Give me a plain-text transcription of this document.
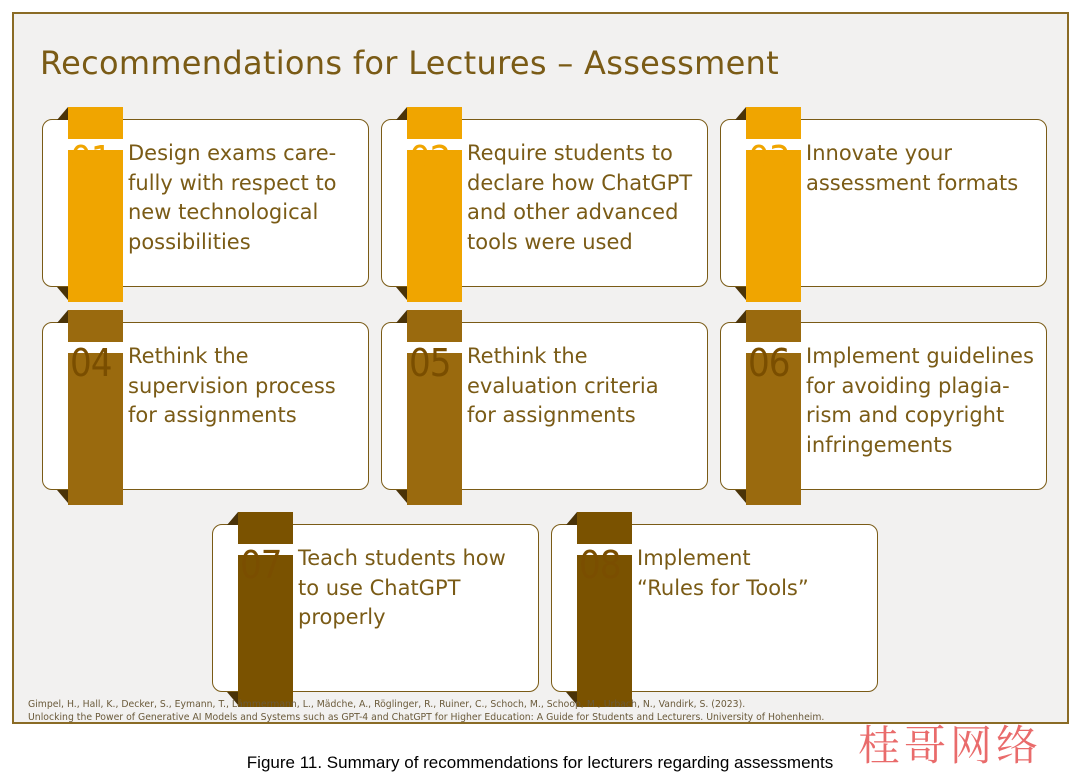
Recommendations for Lectures – Assessment
01 Design exams care-
fully with respect to
new technological
possibilities
02 Require students to
declare how ChatGPT
and other advanced
tools were used
03 Innovate your
assessment formats
04 Rethink the
supervision process
for assignments
05 Rethink the
evaluation criteria
for assignments
06 Implement guidelines
for avoiding plagia-
rism and copyright
infringements
07 Teach students how
to use ChatGPT
properly
08 Implement
“Rules for Tools”
Gimpel, H., Hall, K., Decker, S., Eymann, T., Lämmermann, L., Mädche, A., Röglinger, R., Ruiner, C., Schoch, M., Schoop, M., Urbach, N., Vandirk, S. (2023).
Unlocking the Power of Generative AI Models and Systems such as GPT-4 and ChatGPT for Higher Education: A Guide for Students and Lecturers. University of Hohenheim.
桂哥网络
Figure 11. Summary of recommendations for lecturers regarding assessments
